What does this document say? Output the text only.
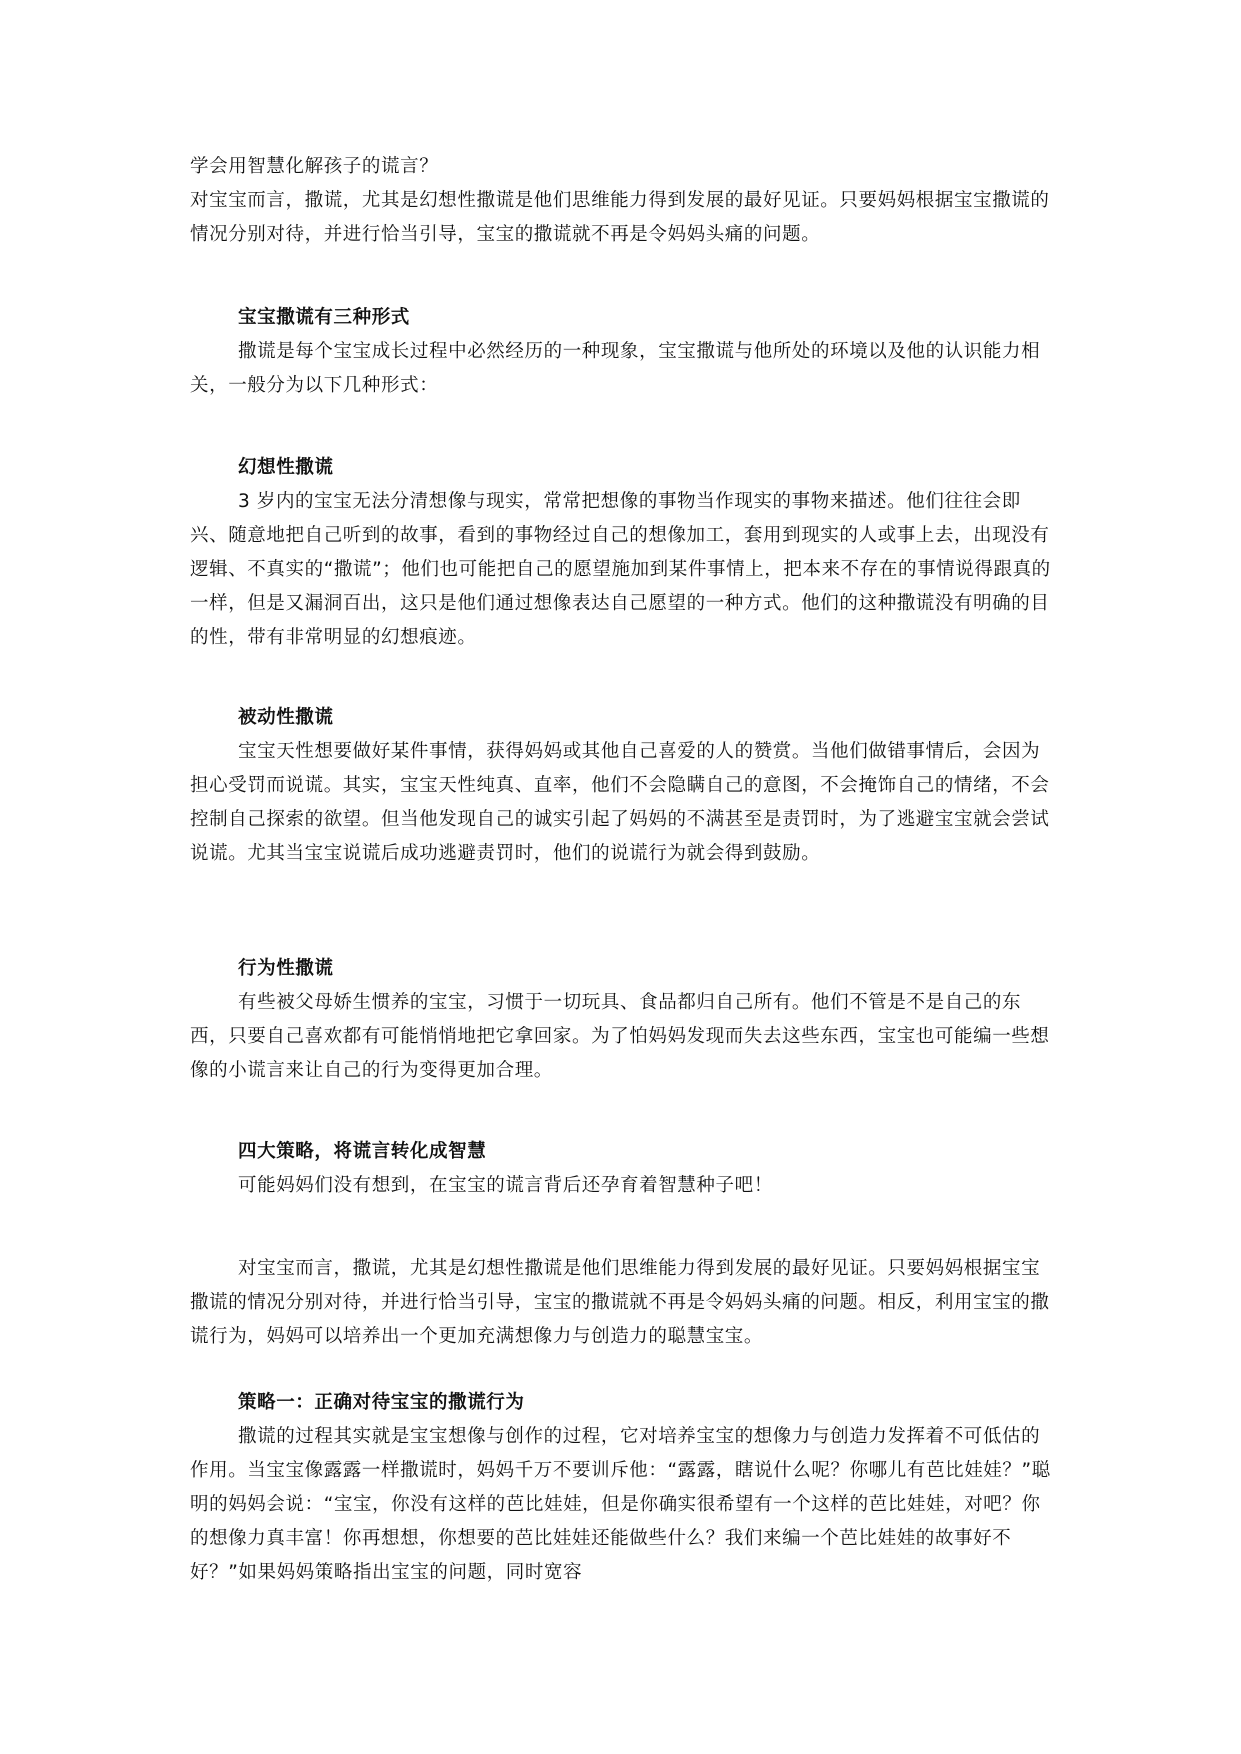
学会用智慧化解孩子的谎言？

对宝宝而言，撒谎，尤其是幻想性撒谎是他们思维能力得到发展的最好见证。只要妈妈根据宝宝撒谎的情况分别对待，并进行恰当引导，宝宝的撒谎就不再是令妈妈头痛的问题。

宝宝撒谎有三种形式

撒谎是每个宝宝成长过程中必然经历的一种现象，宝宝撒谎与他所处的环境以及他的认识能力相关，一般分为以下几种形式：

幻想性撒谎

3 岁内的宝宝无法分清想像与现实，常常把想像的事物当作现实的事物来描述。他们往往会即兴、随意地把自己听到的故事，看到的事物经过自己的想像加工，套用到现实的人或事上去，出现没有逻辑、不真实的“撒谎”；他们也可能把自己的愿望施加到某件事情上，把本来不存在的事情说得跟真的一样，但是又漏洞百出，这只是他们通过想像表达自己愿望的一种方式。他们的这种撒谎没有明确的目的性，带有非常明显的幻想痕迹。

被动性撒谎

宝宝天性想要做好某件事情，获得妈妈或其他自己喜爱的人的赞赏。当他们做错事情后，会因为担心受罚而说谎。其实，宝宝天性纯真、直率，他们不会隐瞒自己的意图，不会掩饰自己的情绪，不会控制自己探索的欲望。但当他发现自己的诚实引起了妈妈的不满甚至是责罚时，为了逃避宝宝就会尝试说谎。尤其当宝宝说谎后成功逃避责罚时，他们的说谎行为就会得到鼓励。

行为性撒谎

有些被父母娇生惯养的宝宝，习惯于一切玩具、食品都归自己所有。他们不管是不是自己的东西，只要自己喜欢都有可能悄悄地把它拿回家。为了怕妈妈发现而失去这些东西，宝宝也可能编一些想像的小谎言来让自己的行为变得更加合理。

四大策略，将谎言转化成智慧

可能妈妈们没有想到，在宝宝的谎言背后还孕育着智慧种子吧！

对宝宝而言，撒谎，尤其是幻想性撒谎是他们思维能力得到发展的最好见证。只要妈妈根据宝宝撒谎的情况分别对待，并进行恰当引导，宝宝的撒谎就不再是令妈妈头痛的问题。相反，利用宝宝的撒谎行为，妈妈可以培养出一个更加充满想像力与创造力的聪慧宝宝。

策略一：正确对待宝宝的撒谎行为

撒谎的过程其实就是宝宝想像与创作的过程，它对培养宝宝的想像力与创造力发挥着不可低估的作用。当宝宝像露露一样撒谎时，妈妈千万不要训斥他：“露露，瞎说什么呢？你哪儿有芭比娃娃？”聪明的妈妈会说：“宝宝，你没有这样的芭比娃娃，但是你确实很希望有一个这样的芭比娃娃，对吧？你的想像力真丰富！你再想想，你想要的芭比娃娃还能做些什么？我们来编一个芭比娃娃的故事好不好？”如果妈妈策略指出宝宝的问题，同时宽容
